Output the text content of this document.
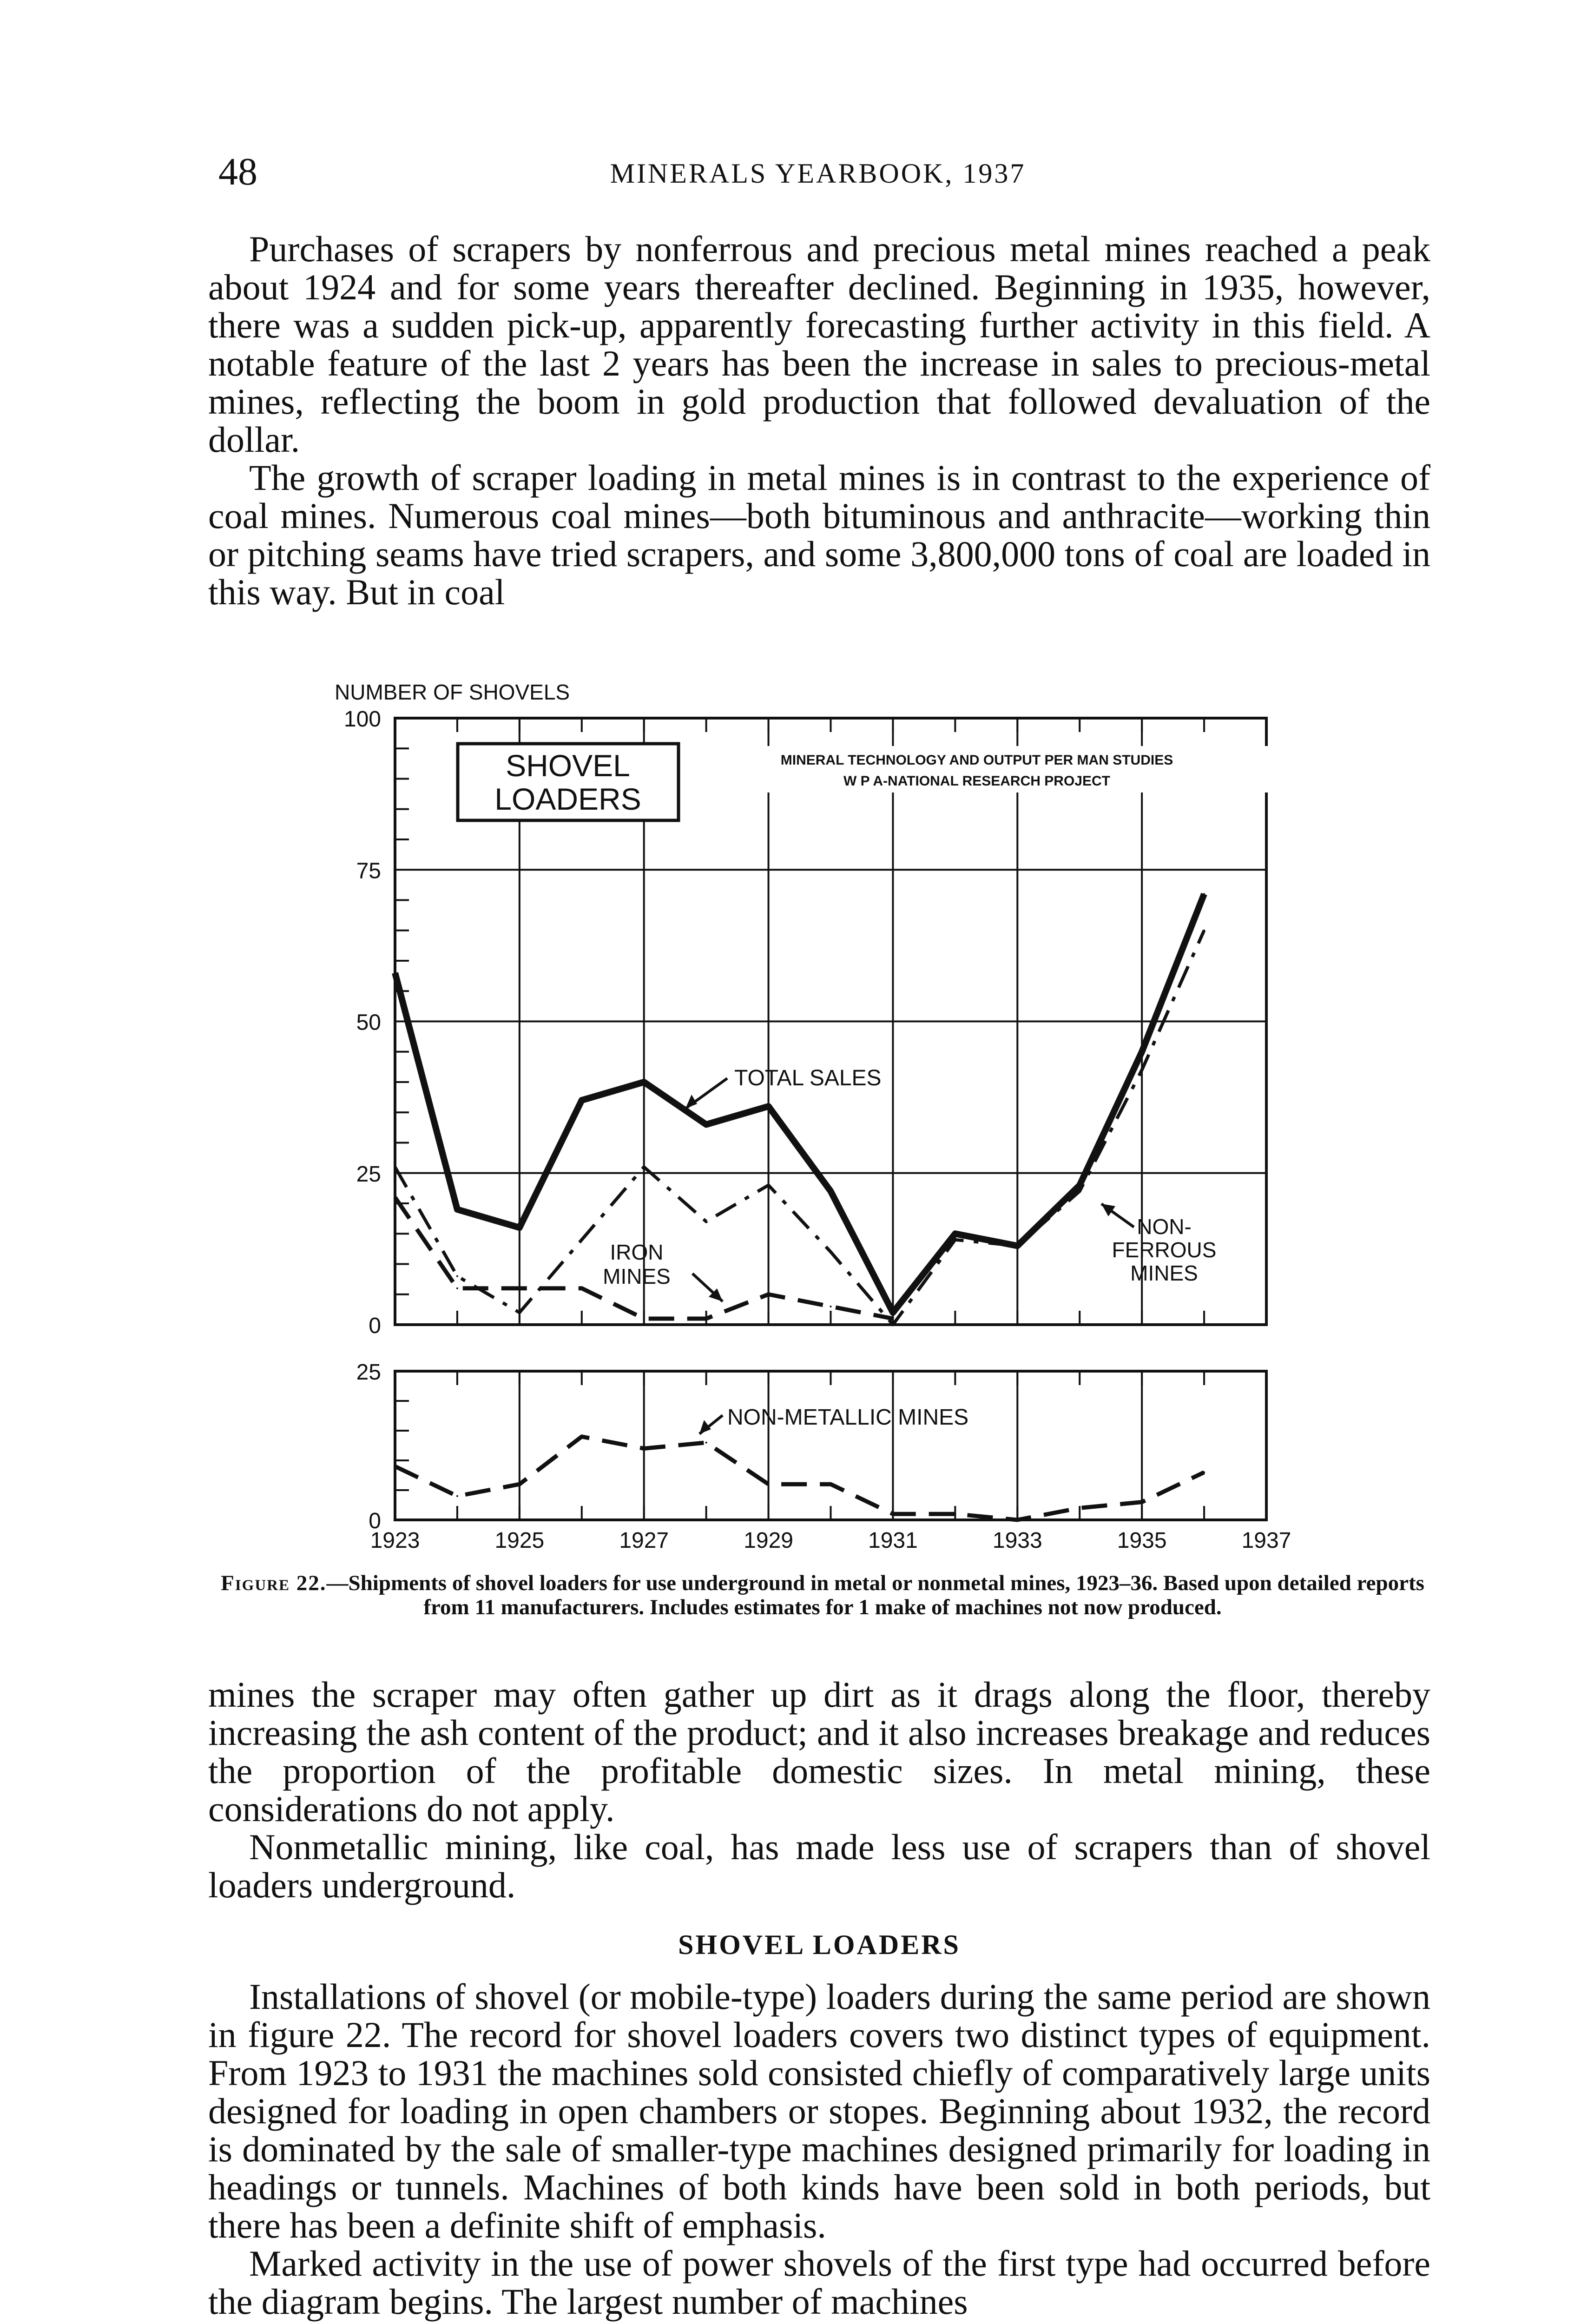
48	MINERALS YEARBOOK, 1937

Purchases of scrapers by nonferrous and precious metal mines reached a peak about 1924 and for some years thereafter declined. Beginning in 1935, however, there was a sudden pick-up, apparently forecasting further activity in this field. A notable feature of the last 2 years has been the increase in sales to precious-metal mines, reflecting the boom in gold production that followed devaluation of the dollar.

The growth of scraper loading in metal mines is in contrast to the experience of coal mines. Numerous coal mines—both bituminous and anthracite—working thin or pitching seams have tried scrapers, and some 3,800,000 tons of coal are loaded in this way. But in coal

NUMBER OF SHOVELS
SHOVEL
LOADERS
MINERAL TECHNOLOGY AND OUTPUT PER MAN STUDIES
W P A-NATIONAL RESEARCH PROJECT
TOTAL SALES
IRON
MINES
NON-
FERROUS
MINES
NON-METALLIC MINES
0
25
50
75
100
0
25
1923	1925	1927	1929	1931	1933	1935	1937
Figure 22.—Shipments of shovel loaders for use underground in metal or nonmetal mines, 1923–36. Based upon detailed reports from 11 manufacturers. Includes estimates for 1 make of machines not now produced.

mines the scraper may often gather up dirt as it drags along the floor, thereby increasing the ash content of the product; and it also increases breakage and reduces the proportion of the profitable domestic sizes. In metal mining, these considerations do not apply.

Nonmetallic mining, like coal, has made less use of scrapers than of shovel loaders underground.

SHOVEL LOADERS

Installations of shovel (or mobile-type) loaders during the same period are shown in figure 22. The record for shovel loaders covers two distinct types of equipment. From 1923 to 1931 the machines sold consisted chiefly of comparatively large units designed for loading in open chambers or stopes. Beginning about 1932, the record is dominated by the sale of smaller-type machines designed primarily for loading in headings or tunnels. Machines of both kinds have been sold in both periods, but there has been a definite shift of emphasis.

Marked activity in the use of power shovels of the first type had occurred before the diagram begins. The largest number of machines
